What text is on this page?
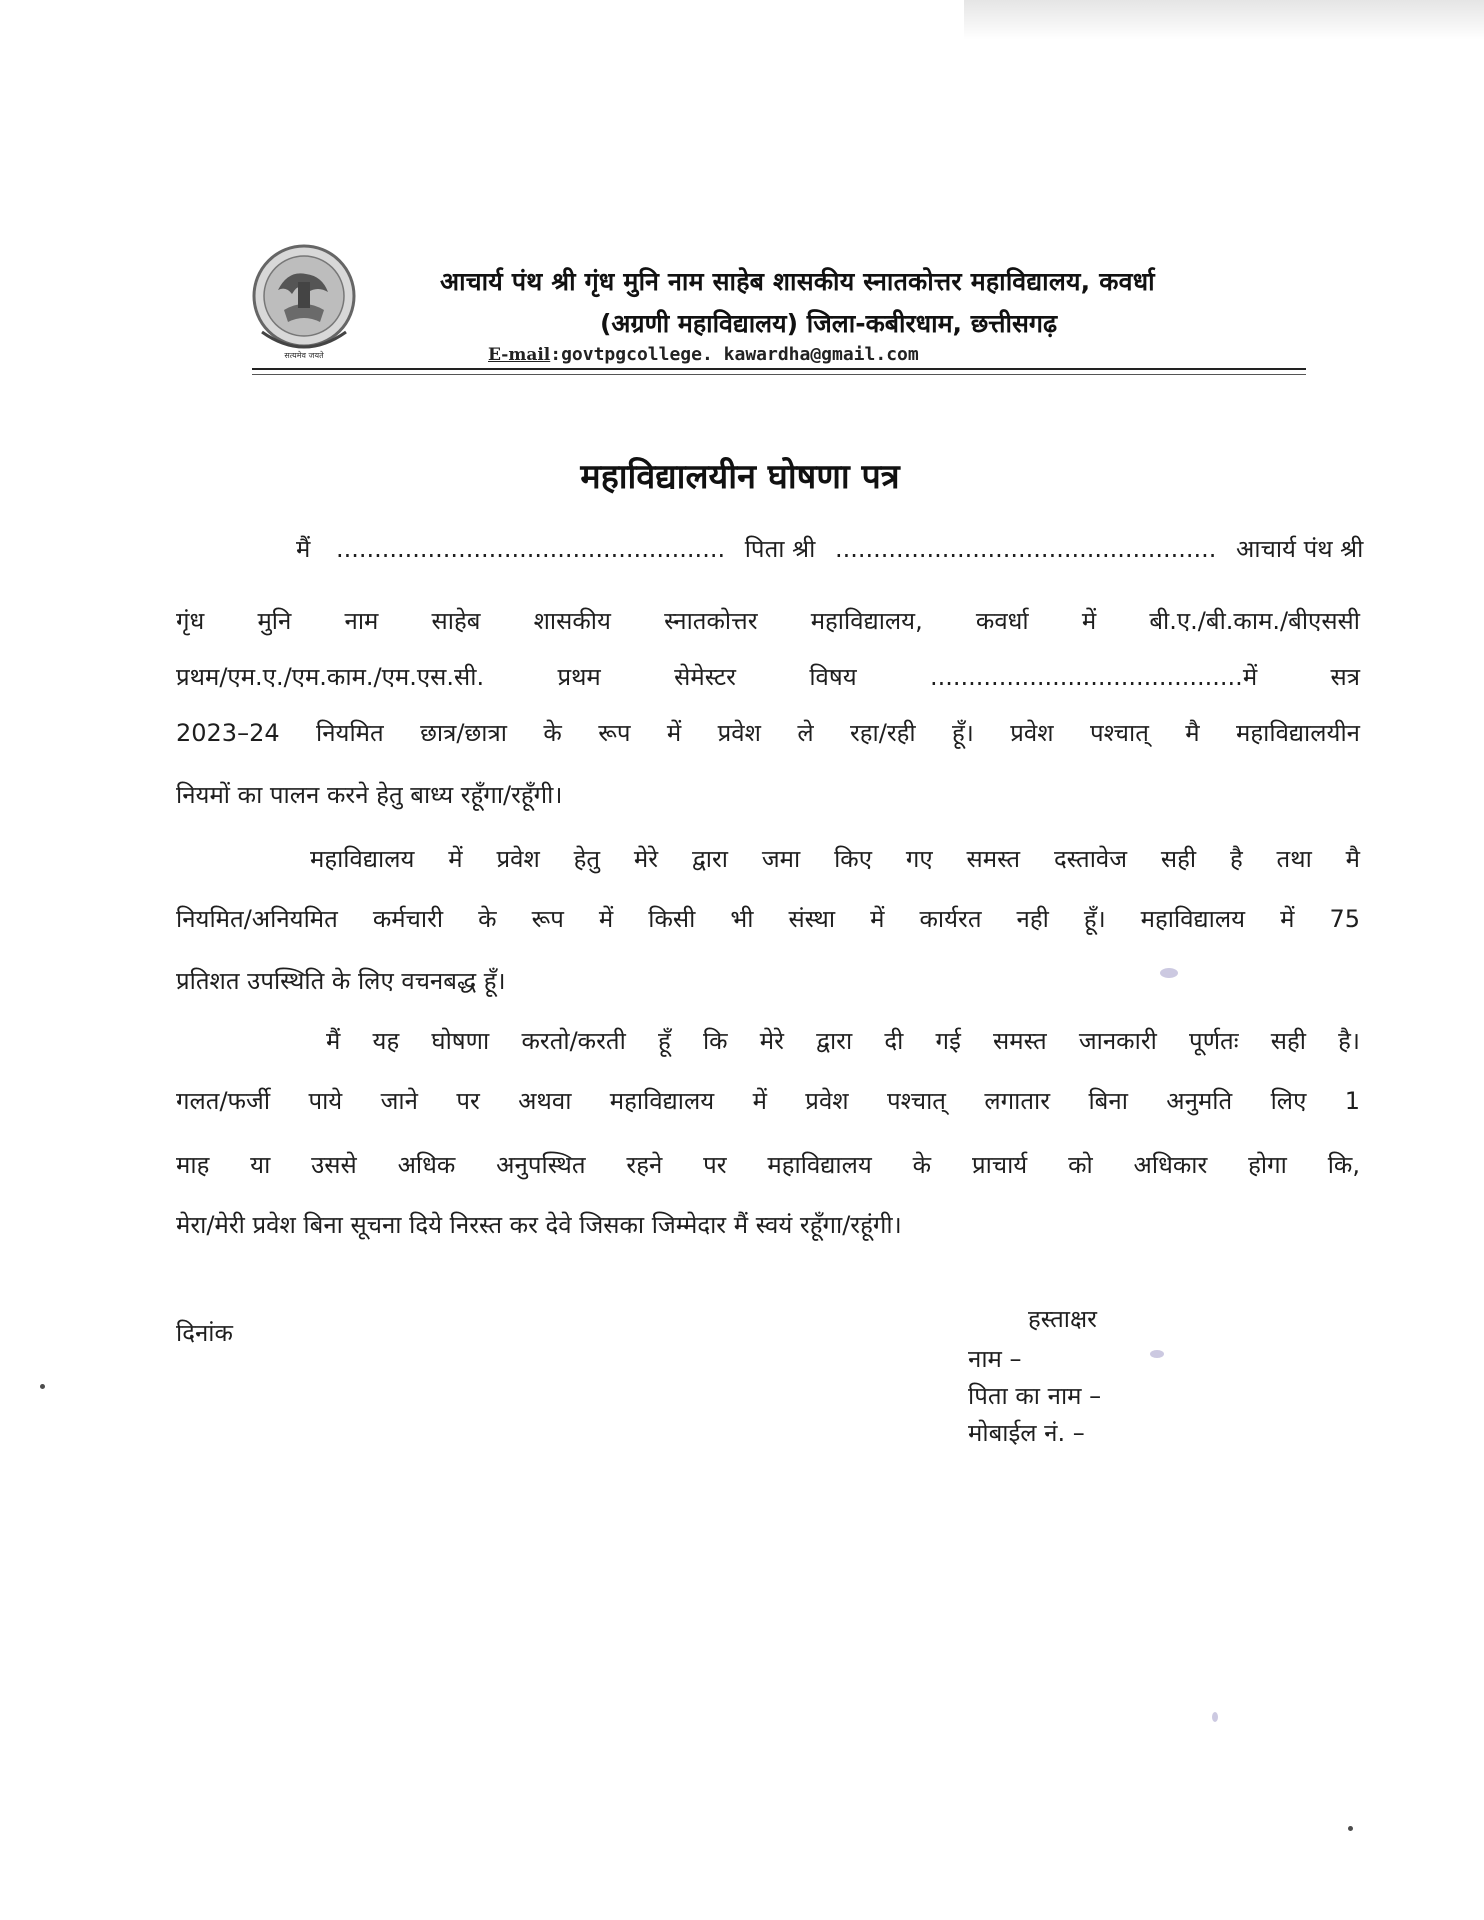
सत्यमेव जयते
आचार्य पंथ श्री गृंध मुनि नाम साहेब शासकीय स्नातकोत्तर महाविद्यालय, कवर्धा
(अग्रणी महाविद्यालय) जिला-कबीरधाम, छत्तीसगढ़
E-mail:govtpgcollege. kawardha@gmail.com
महाविद्यालयीन घोषणा पत्र
मैं ................................................... पिता श्री .................................................. आचार्य पंथ श्री
गृंध मुनि नाम साहेब शासकीय स्नातकोत्तर महाविद्यालय, कवर्धा में बी.ए./बी.काम./बीएससी
प्रथम/एम.ए./एम.काम./एम.एस.सी. प्रथम सेमेस्टर विषय .........................................में सत्र
2023–24 नियमित छात्र/छात्रा के रूप में प्रवेश ले रहा/रही हूँ। प्रवेश पश्चात् मै महाविद्यालयीन
नियमों का पालन करने हेतु बाध्य रहूँगा/रहूँगी।
महाविद्यालय में प्रवेश हेतु मेरे द्वारा जमा किए गए समस्त दस्तावेज सही है तथा मै
नियमित/अनियमित कर्मचारी के रूप में किसी भी संस्था में कार्यरत नही हूँ। महाविद्यालय में 75
प्रतिशत उपस्थिति के लिए वचनबद्ध हूँ।
मैं यह घोषणा करतो/करती हूँ कि मेरे द्वारा दी गई समस्त जानकारी पूर्णतः सही है।
गलत/फर्जी पाये जाने पर अथवा महाविद्यालय में प्रवेश पश्चात् लगातार बिना अनुमति लिए 1
माह या उससे अधिक अनुपस्थित रहने पर महाविद्यालय के प्राचार्य को अधिकार होगा कि,
मेरा/मेरी प्रवेश बिना सूचना दिये निरस्त कर देवे जिसका जिम्मेदार मैं स्वयं रहूँगा/रहूंगी।
दिनांक	हस्ताक्षर
नाम –
पिता का नाम –
मोबाईल नं. –
